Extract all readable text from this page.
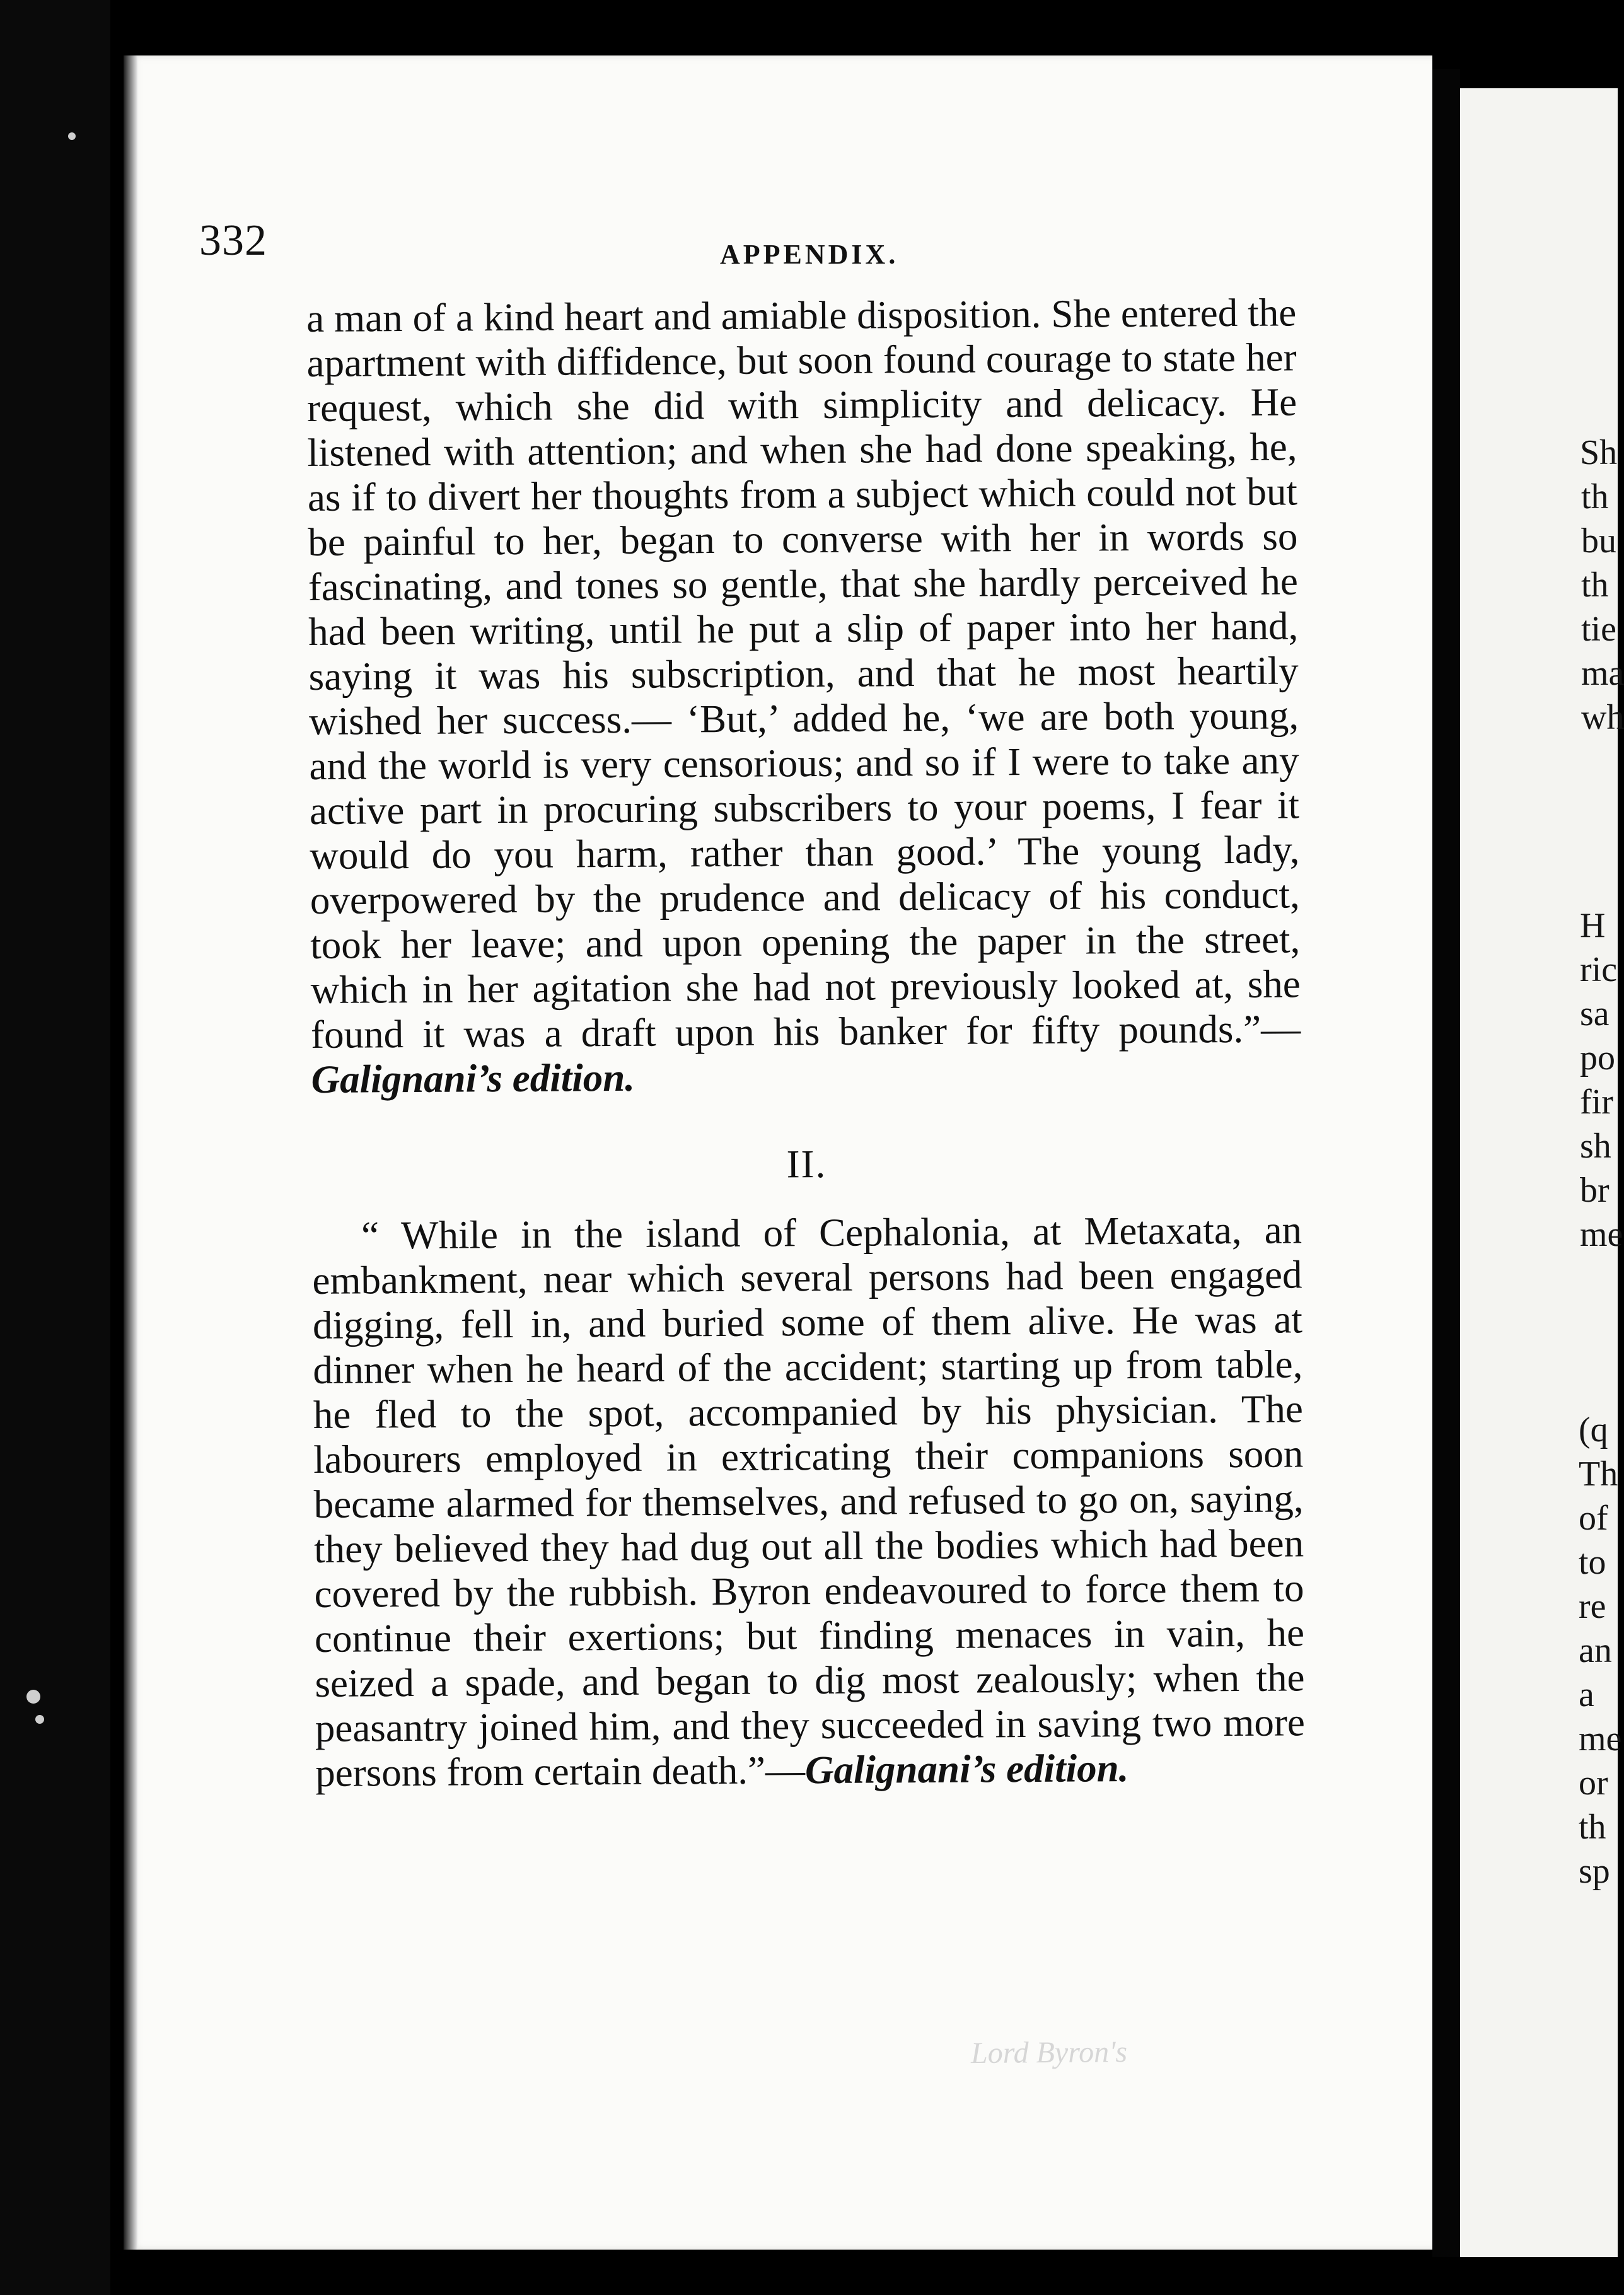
332	APPENDIX.

a man of a kind heart and amiable disposition. She entered the apartment with diffidence, but soon found courage to state her request, which she did with simplicity and delicacy. He listened with attention; and when she had done speaking, he, as if to divert her thoughts from a subject which could not but be painful to her, began to converse with her in words so fascinating, and tones so gentle, that she hardly perceived he had been writing, until he put a slip of paper into her hand, saying it was his subscription, and that he most heartily wished her success.— ‘But,’ added he, ‘we are both young, and the world is very censorious; and so if I were to take any active part in procuring subscribers to your poems, I fear it would do you harm, rather than good.’ The young lady, overpowered by the prudence and delicacy of his conduct, took her leave; and upon opening the paper in the street, which in her agitation she had not previously looked at, she found it was a draft upon his banker for fifty pounds.”—Galignani’s edition.

II.

“ While in the island of Cephalonia, at Metaxata, an embankment, near which several persons had been engaged digging, fell in, and buried some of them alive. He was at dinner when he heard of the accident; starting up from table, he fled to the spot, accompanied by his physician. The labourers employed in extricating their companions soon became alarmed for themselves, and refused to go on, saying, they believed they had dug out all the bodies which had been covered by the rubbish. Byron endeavoured to force them to continue their exertions; but finding menaces in vain, he seized a spade, and began to dig most zealously; when the peasantry joined him, and they succeeded in saving two more persons from certain death.”—Galignani’s edition.

Lord Byron's
Sh
th
bu
th
tie
ma
wh
H
ric
sa
po
fir
sh
br
me
(q
Th
of
to
re
an
a
me
or
th
sp
